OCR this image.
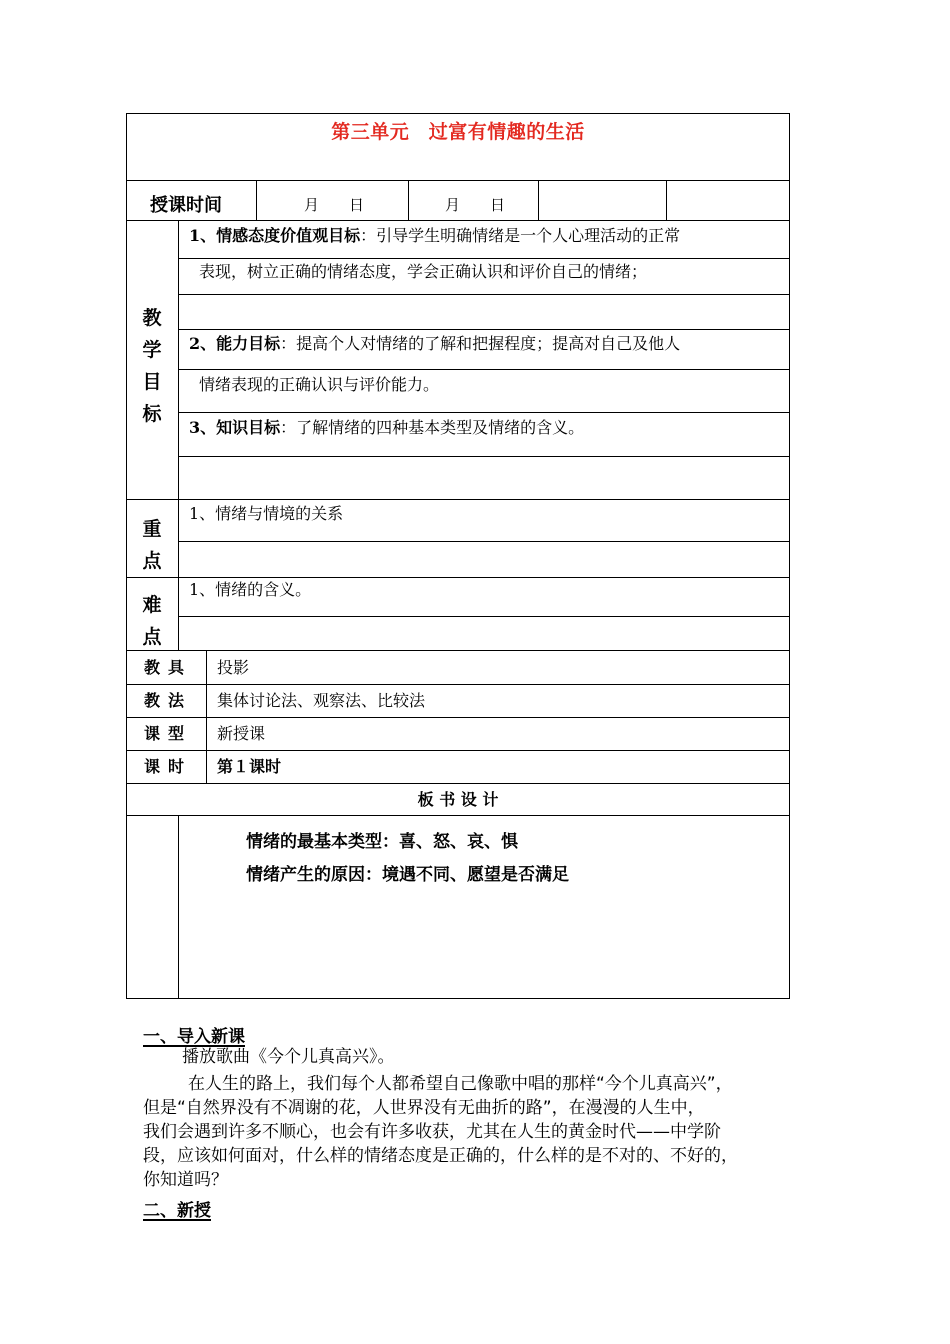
第三单元　过富有情趣的生活
授课时间	月　　日	月　　日
教
学
目
标
1、情感态度价值观目标：引导学生明确情绪是一个人心理活动的正常
表现，树立正确的情绪态度，学会正确认识和评价自己的情绪；
2、能力目标：提高个人对情绪的了解和把握程度；提高对自己及他人
情绪表现的正确认识与评价能力。
3、知识目标：了解情绪的四种基本类型及情绪的含义。
重
点
1、情绪与情境的关系
难
点
1、情绪的含义。
教具 投影
教法 集体讨论法、观察法、比较法
课型 新授课
课时 第１课时
板 书 设 计
情绪的最基本类型：喜、怒、哀、惧
情绪产生的原因：境遇不同、愿望是否满足
一、导入新课
播放歌曲《今个儿真高兴》。
在人生的路上，我们每个人都希望自己像歌中唱的那样“今个儿真高兴”，
但是“自然界没有不凋谢的花，人世界没有无曲折的路”，在漫漫的人生中，
我们会遇到许多不顺心，也会有许多收获，尤其在人生的黄金时代——中学阶
段，应该如何面对，什么样的情绪态度是正确的，什么样的是不对的、不好的，
你知道吗？
二、新授
